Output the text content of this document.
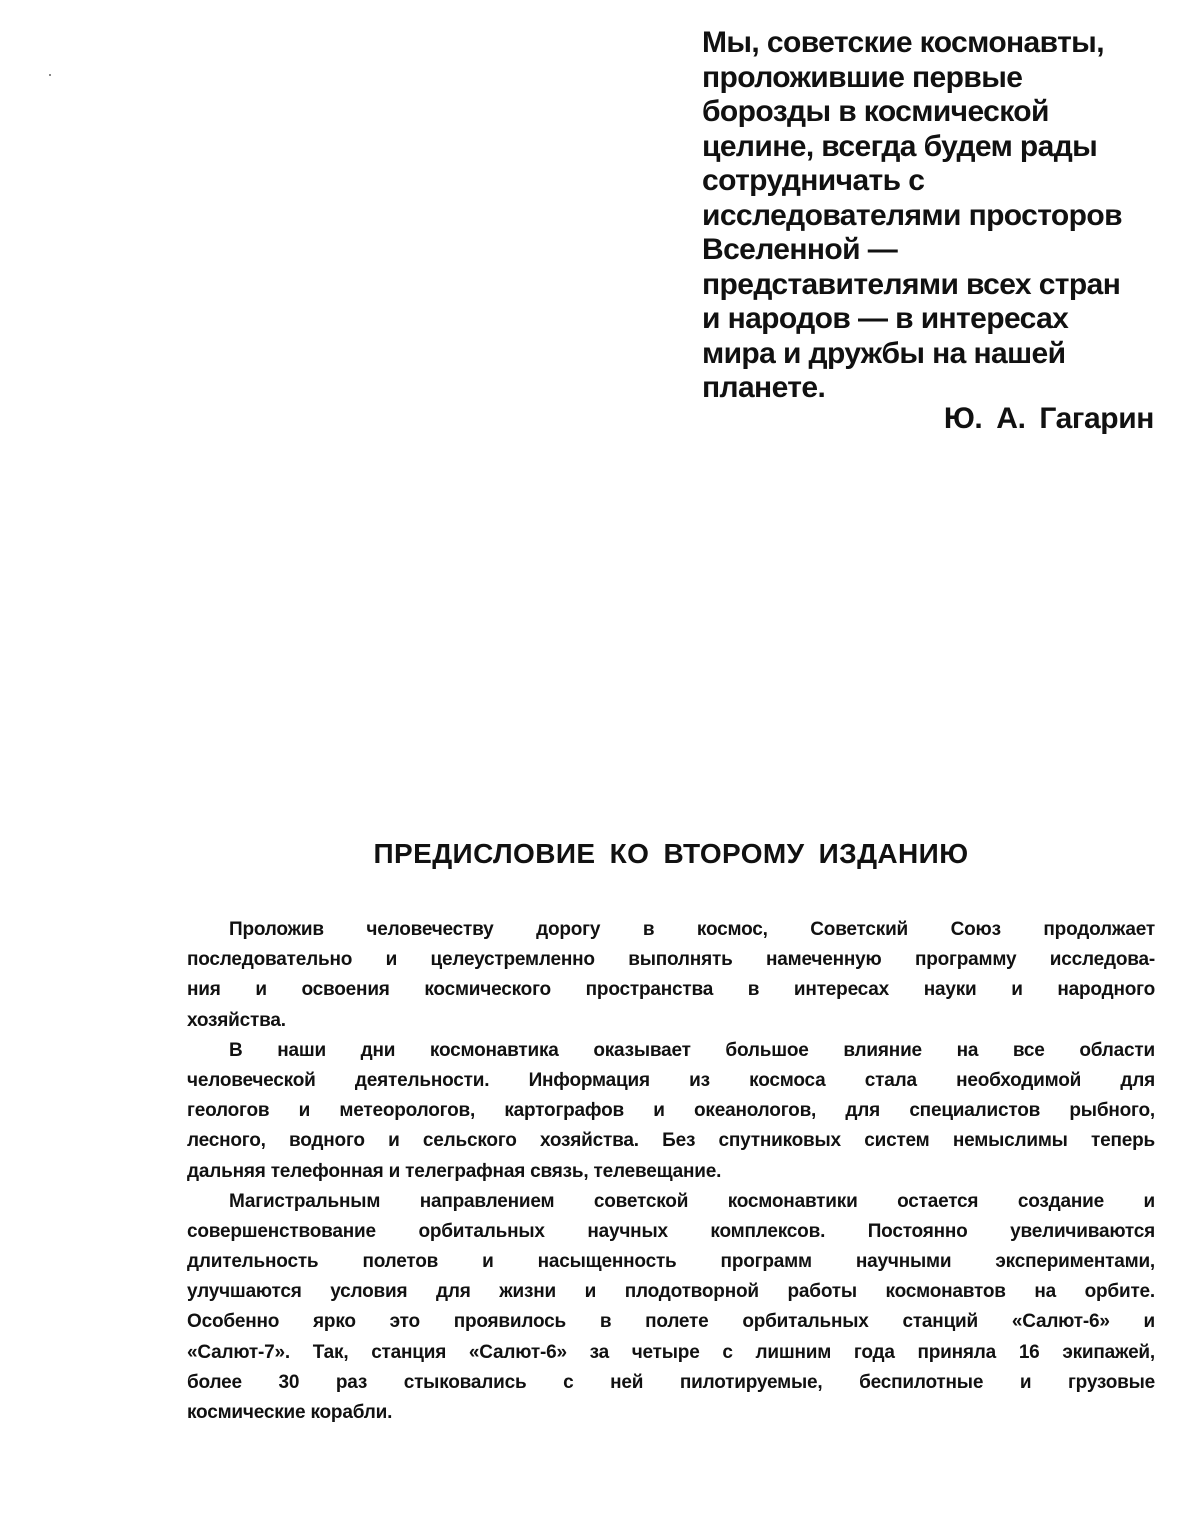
Мы, советские космонавты,
проложившие первые
борозды в космической
целине, всегда будем рады
сотрудничать с
исследователями просторов
Вселенной —
представителями всех стран
и народов — в интересах
мира и дружбы на нашей
планете.
Ю. А. Гагарин
ПРЕДИСЛОВИЕ КО ВТОРОМУ ИЗДАНИЮ
Проложив человечеству дорогу в космос, Советский Союз продолжает
последовательно и целеустремленно выполнять намеченную программу исследова-
ния и освоения космического пространства в интересах науки и народного
хозяйства.
В наши дни космонавтика оказывает большое влияние на все области
человеческой деятельности. Информация из космоса стала необходимой для
геологов и метеорологов, картографов и океанологов, для специалистов рыбного,
лесного, водного и сельского хозяйства. Без спутниковых систем немыслимы теперь
дальняя телефонная и телеграфная связь, телевещание.
Магистральным направлением советской космонавтики остается создание и
совершенствование орбитальных научных комплексов. Постоянно увеличиваются
длительность полетов и насыщенность программ научными экспериментами,
улучшаются условия для жизни и плодотворной работы космонавтов на орбите.
Особенно ярко это проявилось в полете орбитальных станций «Салют-6» и
«Салют-7». Так, станция «Салют-6» за четыре с лишним года приняла 16 экипажей,
более 30 раз стыковались с ней пилотируемые, беспилотные и грузовые
космические корабли.
